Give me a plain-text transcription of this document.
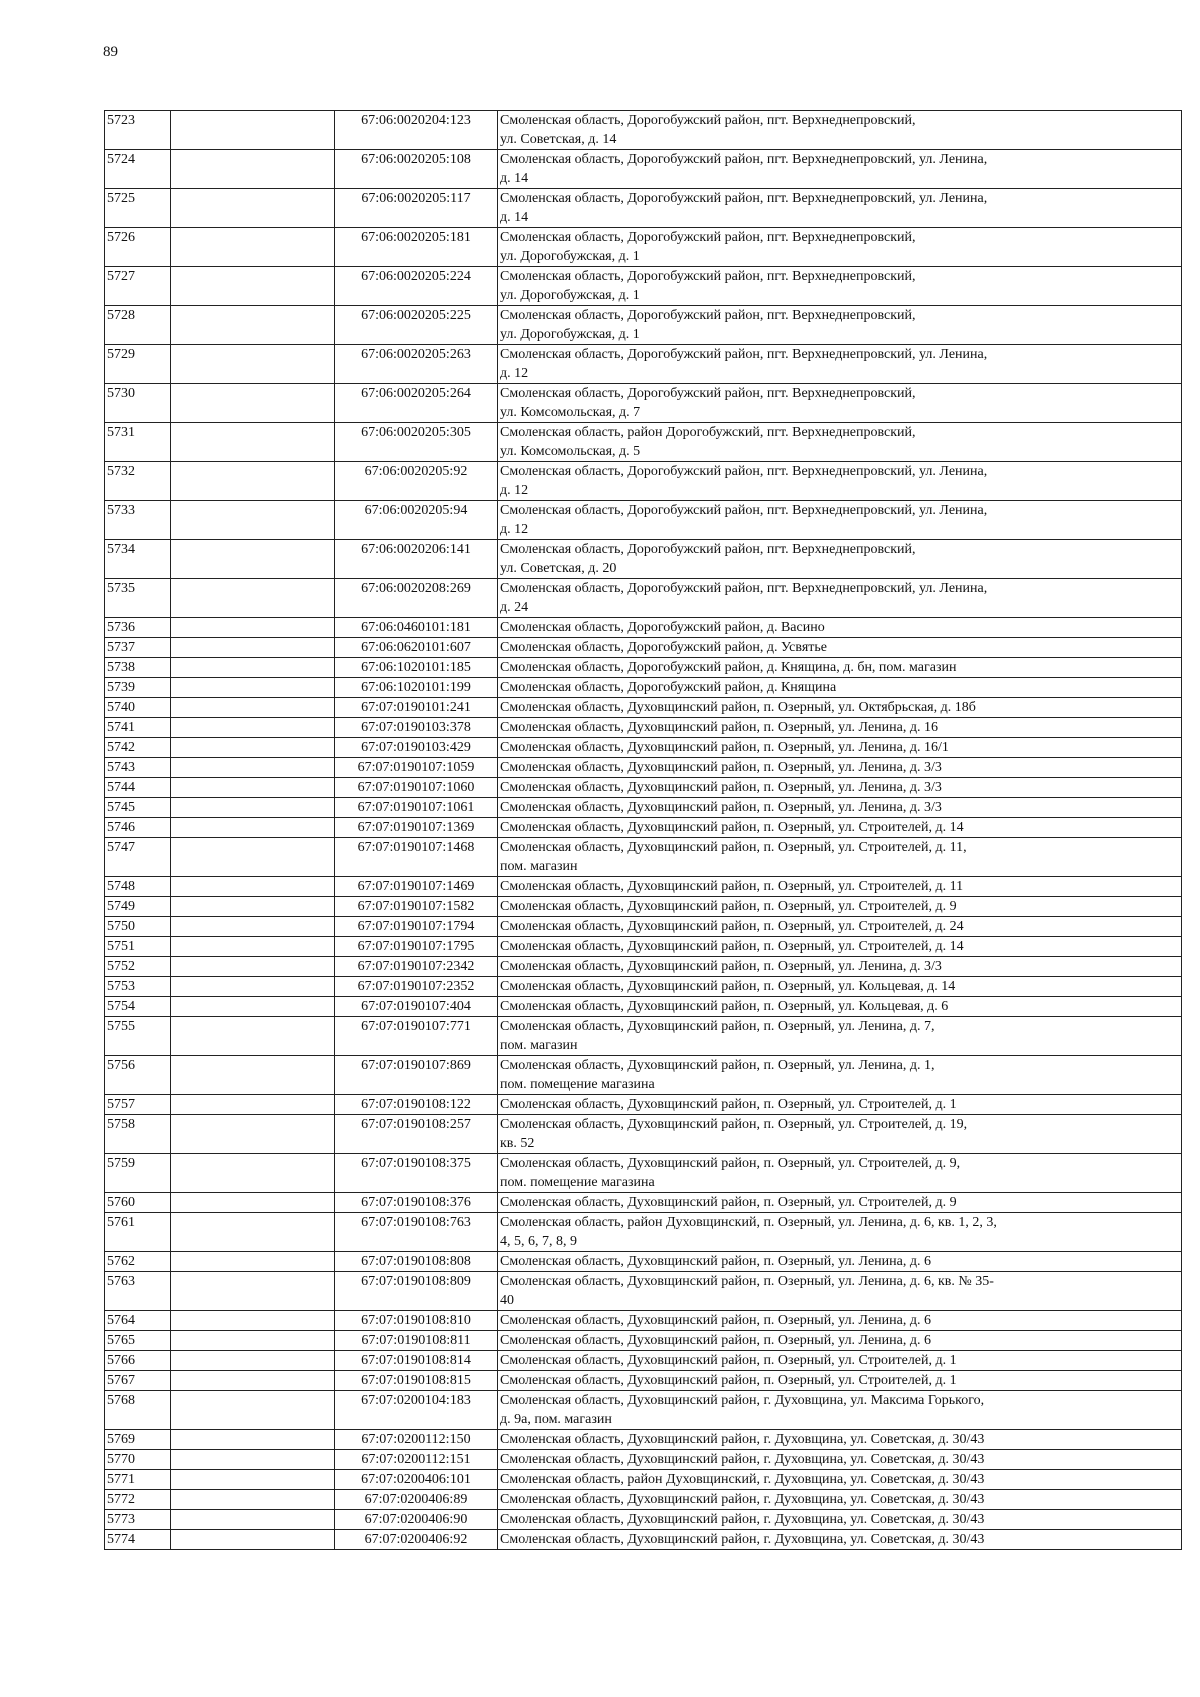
89
5723		67:06:0020204:123	Смоленская область, Дорогобужский район, пгт. Верхнеднепровский,
ул. Советская, д. 14
5724		67:06:0020205:108	Смоленская область, Дорогобужский район, пгт. Верхнеднепровский, ул. Ленина,
д. 14
5725		67:06:0020205:117	Смоленская область, Дорогобужский район, пгт. Верхнеднепровский, ул. Ленина,
д. 14
5726		67:06:0020205:181	Смоленская область, Дорогобужский район, пгт. Верхнеднепровский,
ул. Дорогобужская, д. 1
5727		67:06:0020205:224	Смоленская область, Дорогобужский район, пгт. Верхнеднепровский,
ул. Дорогобужская, д. 1
5728		67:06:0020205:225	Смоленская область, Дорогобужский район, пгт. Верхнеднепровский,
ул. Дорогобужская, д. 1
5729		67:06:0020205:263	Смоленская область, Дорогобужский район, пгт. Верхнеднепровский, ул. Ленина,
д. 12
5730		67:06:0020205:264	Смоленская область, Дорогобужский район, пгт. Верхнеднепровский,
ул. Комсомольская, д. 7
5731		67:06:0020205:305	Смоленская область, район Дорогобужский, пгт. Верхнеднепровский,
ул. Комсомольская, д. 5
5732		67:06:0020205:92	Смоленская область, Дорогобужский район, пгт. Верхнеднепровский, ул. Ленина,
д. 12
5733		67:06:0020205:94	Смоленская область, Дорогобужский район, пгт. Верхнеднепровский, ул. Ленина,
д. 12
5734		67:06:0020206:141	Смоленская область, Дорогобужский район, пгт. Верхнеднепровский,
ул. Советская, д. 20
5735		67:06:0020208:269	Смоленская область, Дорогобужский район, пгт. Верхнеднепровский, ул. Ленина,
д. 24
5736		67:06:0460101:181	Смоленская область, Дорогобужский район, д. Васино
5737		67:06:0620101:607	Смоленская область, Дорогобужский район, д. Усвятье
5738		67:06:1020101:185	Смоленская область, Дорогобужский район, д. Княщина, д. бн, пом. магазин
5739		67:06:1020101:199	Смоленская область, Дорогобужский район, д. Княщина
5740		67:07:0190101:241	Смоленская область, Духовщинский район, п. Озерный, ул. Октябрьская, д. 18б
5741		67:07:0190103:378	Смоленская область, Духовщинский район, п. Озерный, ул. Ленина, д. 16
5742		67:07:0190103:429	Смоленская область, Духовщинский район, п. Озерный, ул. Ленина, д. 16/1
5743		67:07:0190107:1059	Смоленская область, Духовщинский район, п. Озерный, ул. Ленина, д. 3/3
5744		67:07:0190107:1060	Смоленская область, Духовщинский район, п. Озерный, ул. Ленина, д. 3/3
5745		67:07:0190107:1061	Смоленская область, Духовщинский район, п. Озерный, ул. Ленина, д. 3/3
5746		67:07:0190107:1369	Смоленская область, Духовщинский район, п. Озерный, ул. Строителей, д. 14
5747		67:07:0190107:1468	Смоленская область, Духовщинский район, п. Озерный, ул. Строителей, д. 11,
пом. магазин
5748		67:07:0190107:1469	Смоленская область, Духовщинский район, п. Озерный, ул. Строителей, д. 11
5749		67:07:0190107:1582	Смоленская область, Духовщинский район, п. Озерный, ул. Строителей, д. 9
5750		67:07:0190107:1794	Смоленская область, Духовщинский район, п. Озерный, ул. Строителей, д. 24
5751		67:07:0190107:1795	Смоленская область, Духовщинский район, п. Озерный, ул. Строителей, д. 14
5752		67:07:0190107:2342	Смоленская область, Духовщинский район, п. Озерный, ул. Ленина, д. 3/3
5753		67:07:0190107:2352	Смоленская область, Духовщинский район, п. Озерный, ул. Кольцевая, д. 14
5754		67:07:0190107:404	Смоленская область, Духовщинский район, п. Озерный, ул. Кольцевая, д. 6
5755		67:07:0190107:771	Смоленская область, Духовщинский район, п. Озерный, ул. Ленина, д. 7,
пом. магазин
5756		67:07:0190107:869	Смоленская область, Духовщинский район, п. Озерный, ул. Ленина, д. 1,
пом. помещение магазина
5757		67:07:0190108:122	Смоленская область, Духовщинский район, п. Озерный, ул. Строителей, д. 1
5758		67:07:0190108:257	Смоленская область, Духовщинский район, п. Озерный, ул. Строителей, д. 19,
кв. 52
5759		67:07:0190108:375	Смоленская область, Духовщинский район, п. Озерный, ул. Строителей, д. 9,
пом. помещение магазина
5760		67:07:0190108:376	Смоленская область, Духовщинский район, п. Озерный, ул. Строителей, д. 9
5761		67:07:0190108:763	Смоленская область, район Духовщинский, п. Озерный, ул. Ленина, д. 6, кв. 1, 2, 3,
4, 5, 6, 7, 8, 9
5762		67:07:0190108:808	Смоленская область, Духовщинский район, п. Озерный, ул. Ленина, д. 6
5763		67:07:0190108:809	Смоленская область, Духовщинский район, п. Озерный, ул. Ленина, д. 6, кв. № 35-
40
5764		67:07:0190108:810	Смоленская область, Духовщинский район, п. Озерный, ул. Ленина, д. 6
5765		67:07:0190108:811	Смоленская область, Духовщинский район, п. Озерный, ул. Ленина, д. 6
5766		67:07:0190108:814	Смоленская область, Духовщинский район, п. Озерный, ул. Строителей, д. 1
5767		67:07:0190108:815	Смоленская область, Духовщинский район, п. Озерный, ул. Строителей, д. 1
5768		67:07:0200104:183	Смоленская область, Духовщинский район, г. Духовщина, ул. Максима Горького,
д. 9а, пом. магазин
5769		67:07:0200112:150	Смоленская область, Духовщинский район, г. Духовщина, ул. Советская, д. 30/43
5770		67:07:0200112:151	Смоленская область, Духовщинский район, г. Духовщина, ул. Советская, д. 30/43
5771		67:07:0200406:101	Смоленская область, район Духовщинский, г. Духовщина, ул. Советская, д. 30/43
5772		67:07:0200406:89	Смоленская область, Духовщинский район, г. Духовщина, ул. Советская, д. 30/43
5773		67:07:0200406:90	Смоленская область, Духовщинский район, г. Духовщина, ул. Советская, д. 30/43
5774		67:07:0200406:92	Смоленская область, Духовщинский район, г. Духовщина, ул. Советская, д. 30/43
